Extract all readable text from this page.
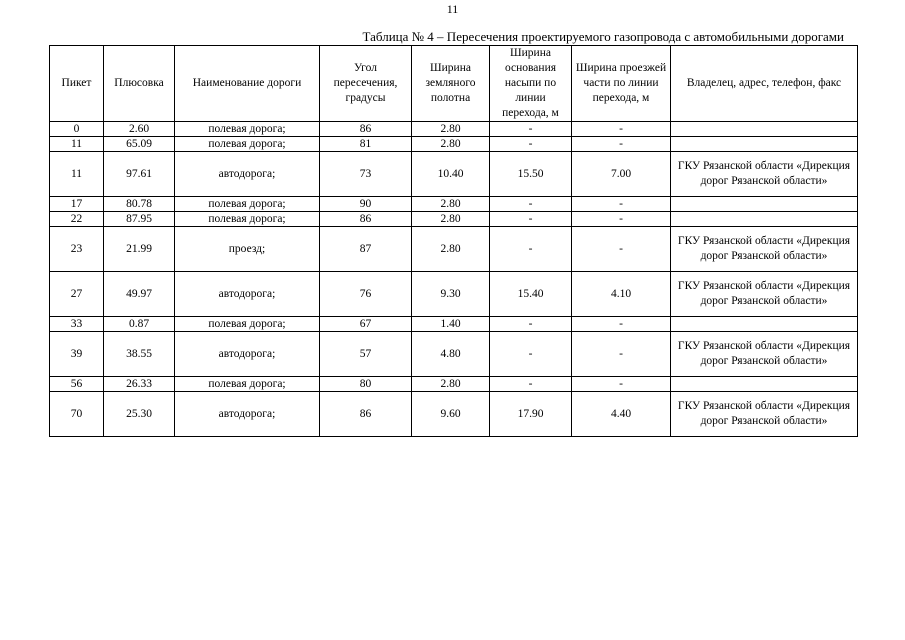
11
Таблица № 4 – Пересечения проектируемого газопровода с автомобильными дорогами
Пикет	Плюсовка	Наименование дороги	Угол пересечения, градусы	Ширина земляного полотна	Ширина основания насыпи по линии перехода, м	Ширина проезжей части по линии перехода, м	Владелец, адрес, телефон, факс
0	2.60	полевая дорога;	86	2.80	-	-	
11	65.09	полевая дорога;	81	2.80	-	-	
11	97.61	автодорога;	73	10.40	15.50	7.00	ГКУ Рязанской области «Дирекция дорог Рязанской области»
17	80.78	полевая дорога;	90	2.80	-	-	
22	87.95	полевая дорога;	86	2.80	-	-	
23	21.99	проезд;	87	2.80	-	-	ГКУ Рязанской области «Дирекция дорог Рязанской области»
27	49.97	автодорога;	76	9.30	15.40	4.10	ГКУ Рязанской области «Дирекция дорог Рязанской области»
33	0.87	полевая дорога;	67	1.40	-	-	
39	38.55	автодорога;	57	4.80	-	-	ГКУ Рязанской области «Дирекция дорог Рязанской области»
56	26.33	полевая дорога;	80	2.80	-	-	
70	25.30	автодорога;	86	9.60	17.90	4.40	ГКУ Рязанской области «Дирекция дорог Рязанской области»
